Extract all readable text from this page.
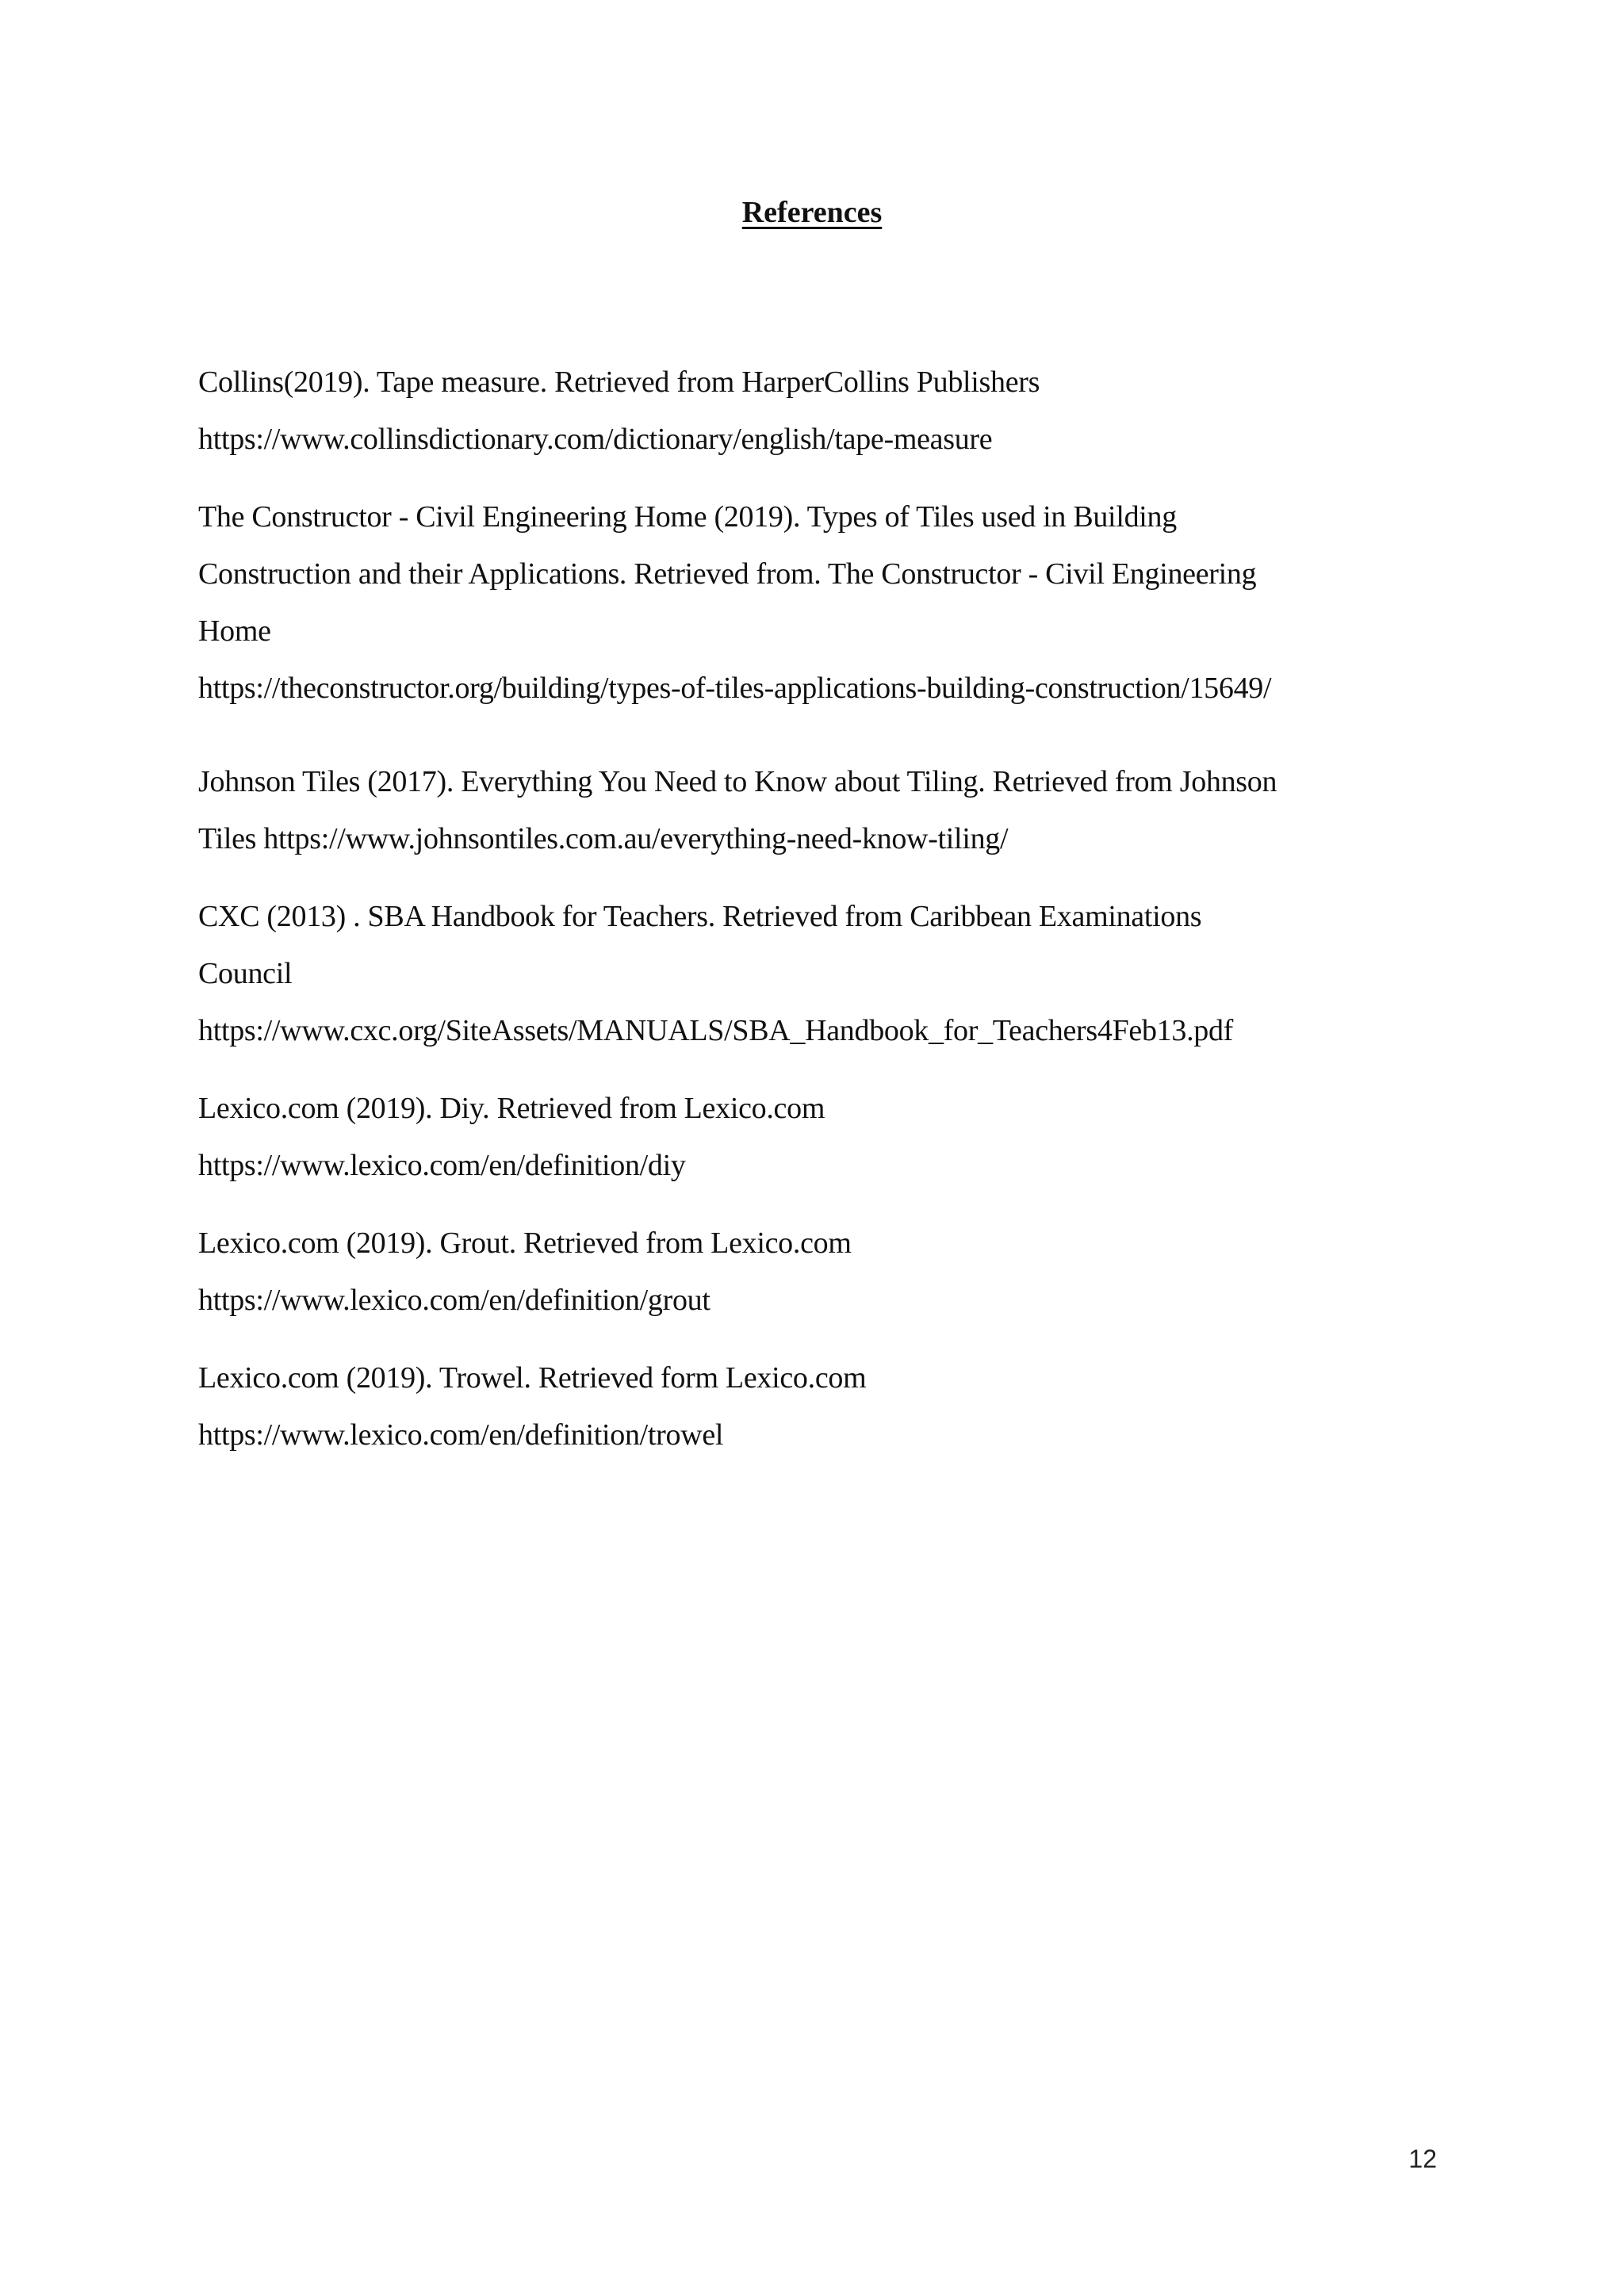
References
Collins(2019). Tape measure. Retrieved from HarperCollins Publishers
https://www.collinsdictionary.com/dictionary/english/tape-measure
The Constructor - Civil Engineering Home (2019). Types of Tiles used in Building
Construction and their Applications. Retrieved from. The Constructor - Civil Engineering
Home
https://theconstructor.org/building/types-of-tiles-applications-building-construction/15649/
Johnson Tiles (2017). Everything You Need to Know about Tiling. Retrieved from Johnson
Tiles https://www.johnsontiles.com.au/everything-need-know-tiling/
CXC (2013) . SBA Handbook for Teachers. Retrieved from Caribbean Examinations
Council
https://www.cxc.org/SiteAssets/MANUALS/SBA_Handbook_for_Teachers4Feb13.pdf
Lexico.com (2019). Diy. Retrieved from Lexico.com
https://www.lexico.com/en/definition/diy
Lexico.com (2019). Grout. Retrieved from Lexico.com
https://www.lexico.com/en/definition/grout
Lexico.com (2019). Trowel. Retrieved form Lexico.com
https://www.lexico.com/en/definition/trowel
12
